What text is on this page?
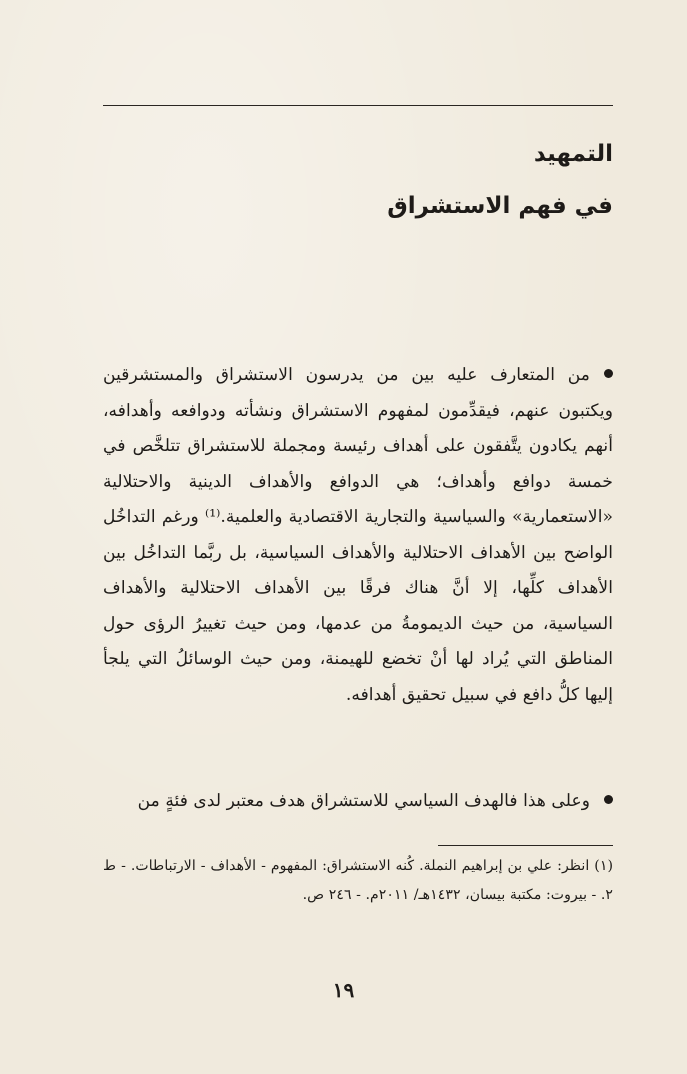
التمهيد

في فهم الاستشراق

من المتعارف عليه بين من يدرسون الاستشراق والمستشرقين ويكتبون عنهم، فيقدِّمون لمفهوم الاستشراق ونشأته ودوافعه وأهدافه، أنهم يكادون يتَّفقون على أهداف رئيسة ومجملة للاستشراق تتلخَّص في خمسة دوافع وأهداف؛ هي الدوافع والأهداف الدينية والاحتلالية «الاستعمارية» والسياسية والتجارية الاقتصادية والعلمية.⁽¹⁾ ورغم التداخُل الواضح بين الأهداف الاحتلالية والأهداف السياسية، بل ربَّما التداخُل بين الأهداف كلِّها، إلا أنَّ هناك فرقًا بين الأهداف الاحتلالية والأهداف السياسية، من حيث الديمومةُ من عدمها، ومن حيث تغييرُ الرؤى حول المناطق التي يُراد لها أنْ تخضع للهيمنة، ومن حيث الوسائلُ التي يلجأ إليها كلُّ دافع في سبيل تحقيق أهدافه.
وعلى هذا فالهدف السياسي للاستشراق هدف معتبر لدى فئةٍ من
(١) انظر: علي بن إبراهيم النملة. كُنه الاستشراق: المفهوم - الأهداف - الارتباطات. - ط ٢. - بيروت: مكتبة بيسان، ١٤٣٢هـ/ ٢٠١١م. - ٢٤٦ ص.
١٩
